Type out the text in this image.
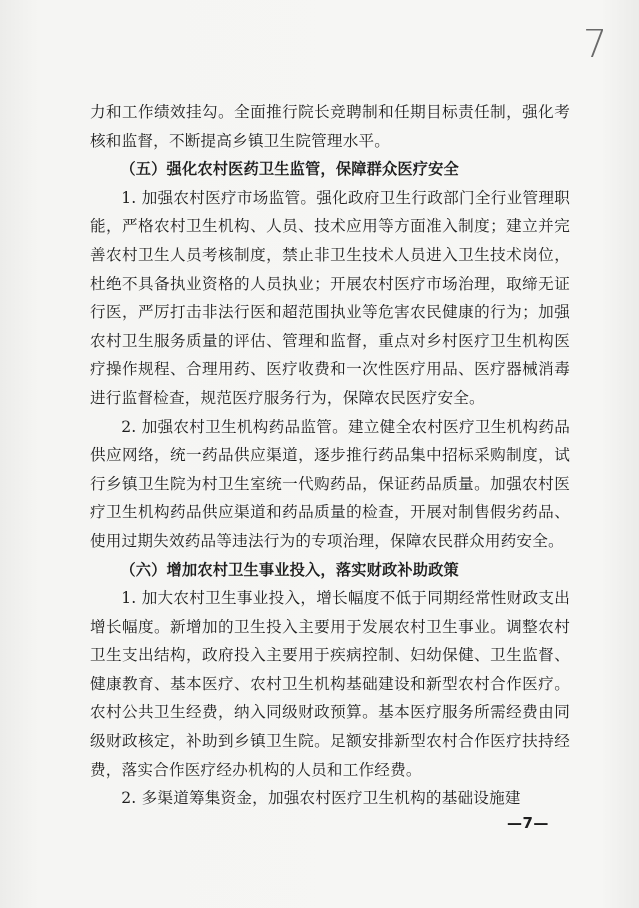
7

力和工作绩效挂勾。全面推行院长竞聘制和任期目标责任制，强化考核和监督，不断提高乡镇卫生院管理水平。

（五）强化农村医药卫生监管，保障群众医疗安全

1. 加强农村医疗市场监管。强化政府卫生行政部门全行业管理职能，严格农村卫生机构、人员、技术应用等方面准入制度；建立并完善农村卫生人员考核制度，禁止非卫生技术人员进入卫生技术岗位，杜绝不具备执业资格的人员执业；开展农村医疗市场治理，取缔无证行医，严厉打击非法行医和超范围执业等危害农民健康的行为；加强农村卫生服务质量的评估、管理和监督，重点对乡村医疗卫生机构医疗操作规程、合理用药、医疗收费和一次性医疗用品、医疗器械消毒进行监督检查，规范医疗服务行为，保障农民医疗安全。

2. 加强农村卫生机构药品监管。建立健全农村医疗卫生机构药品供应网络，统一药品供应渠道，逐步推行药品集中招标采购制度，试行乡镇卫生院为村卫生室统一代购药品，保证药品质量。加强农村医疗卫生机构药品供应渠道和药品质量的检查，开展对制售假劣药品、使用过期失效药品等违法行为的专项治理，保障农民群众用药安全。

（六）增加农村卫生事业投入，落实财政补助政策

1. 加大农村卫生事业投入，增长幅度不低于同期经常性财政支出增长幅度。新增加的卫生投入主要用于发展农村卫生事业。调整农村卫生支出结构，政府投入主要用于疾病控制、妇幼保健、卫生监督、健康教育、基本医疗、农村卫生机构基础建设和新型农村合作医疗。农村公共卫生经费，纳入同级财政预算。基本医疗服务所需经费由同级财政核定，补助到乡镇卫生院。足额安排新型农村合作医疗扶持经费，落实合作医疗经办机构的人员和工作经费。

2. 多渠道筹集资金，加强农村医疗卫生机构的基础设施建

—7—
